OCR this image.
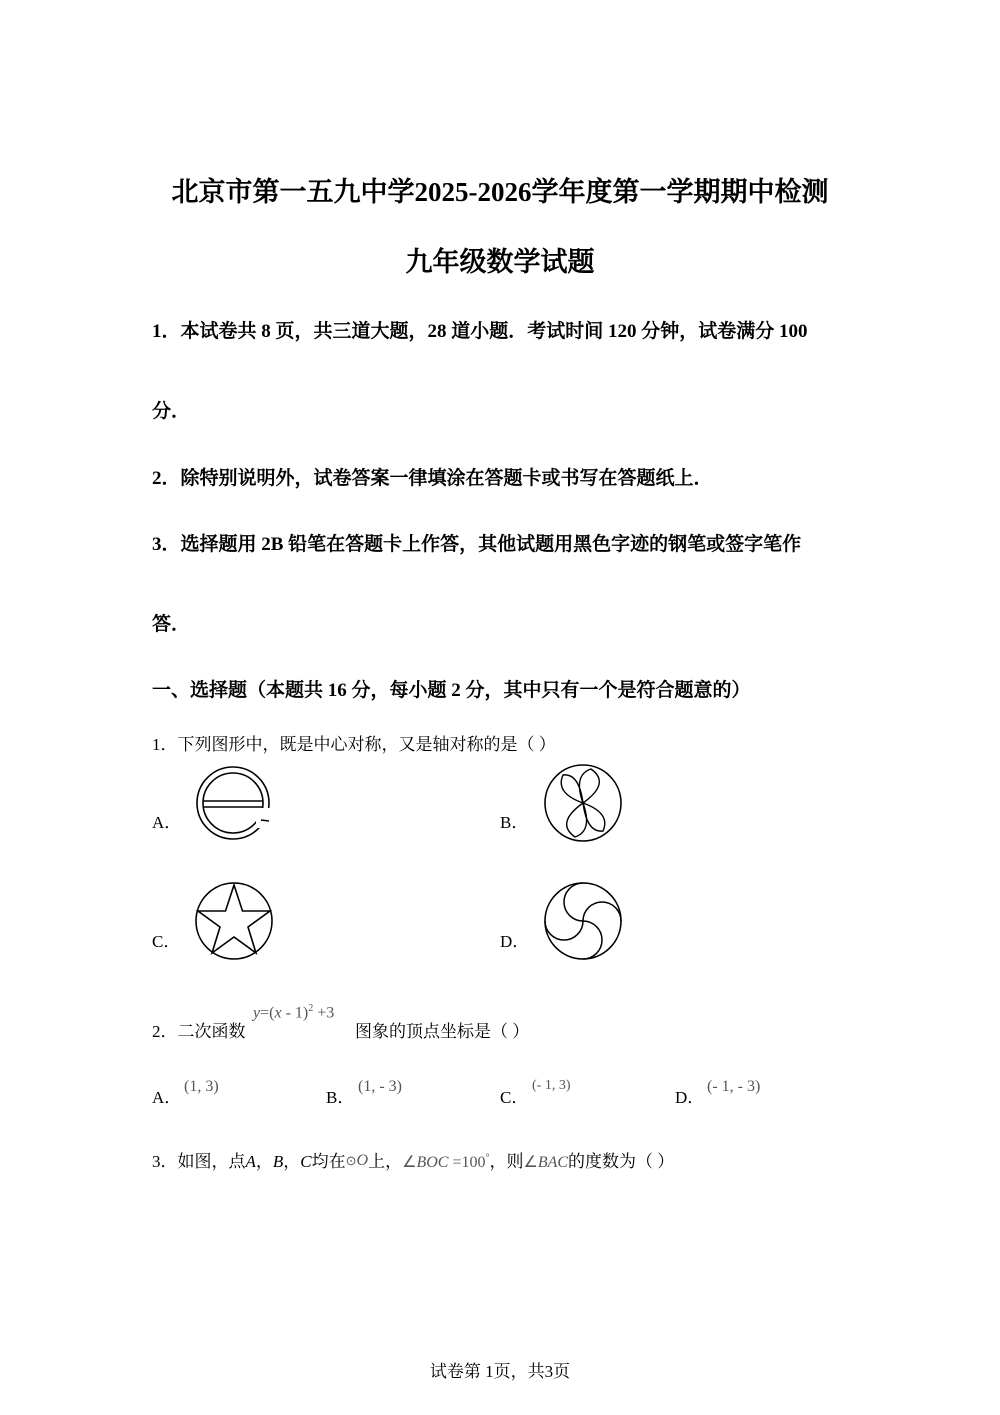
北京市第一五九中学2025-2026学年度第一学期期中检测
九年级数学试题
1．本试卷共 8 页，共三道大题，28 道小题．考试时间 120 分钟，试卷满分 100
分．
2．除特别说明外，试卷答案一律填涂在答题卡或书写在答题纸上．
3．选择题用 2B 铅笔在答题卡上作答，其他试题用黑色字迹的钢笔或签字笔作
答．
一、选择题（本题共 16 分，每小题 2 分，其中只有一个是符合题意的）
1．下列图形中，既是中心对称，又是轴对称的是（ ）
A．	B．
C．	D．
2．二次函数
y=(x - 1)$^2$ +3
图象的顶点坐标是（ ）
A．
(1, 3)
B．
(1, - 3)
C．
(- 1, 3)
D．
(- 1, - 3)
3．如图，点A，B，C均在⊙O上，∠BOC =100°，则∠BAC的度数为（ ）
试卷第 1页，共3页
